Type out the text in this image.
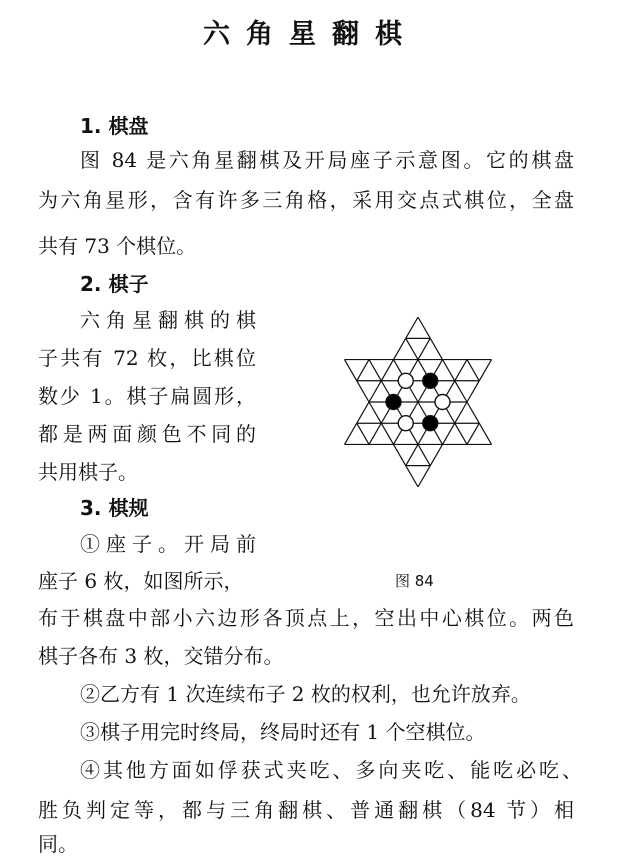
六角星翻棋
1. 棋盘
图 84 是六角星翻棋及开局座子示意图。它的棋盘
为六角星形，含有许多三角格，采用交点式棋位，全盘
共有 73 个棋位。
2. 棋子
六角星翻棋的棋
子共有 72 枚，比棋位
数少 1。棋子扁圆形，
都是两面颜色不同的
共用棋子。
3. 棋规
①座子。开局前
座子 6 枚，如图所示，
布于棋盘中部小六边形各顶点上，空出中心棋位。两色
棋子各布 3 枚，交错分布。
②乙方有 1 次连续布子 2 枚的权利，也允许放弃。
③棋子用完时终局，终局时还有 1 个空棋位。
④其他方面如俘获式夹吃、多向夹吃、能吃必吃、
胜负判定等，都与三角翻棋、普通翻棋（84 节）相
同。
图 84
